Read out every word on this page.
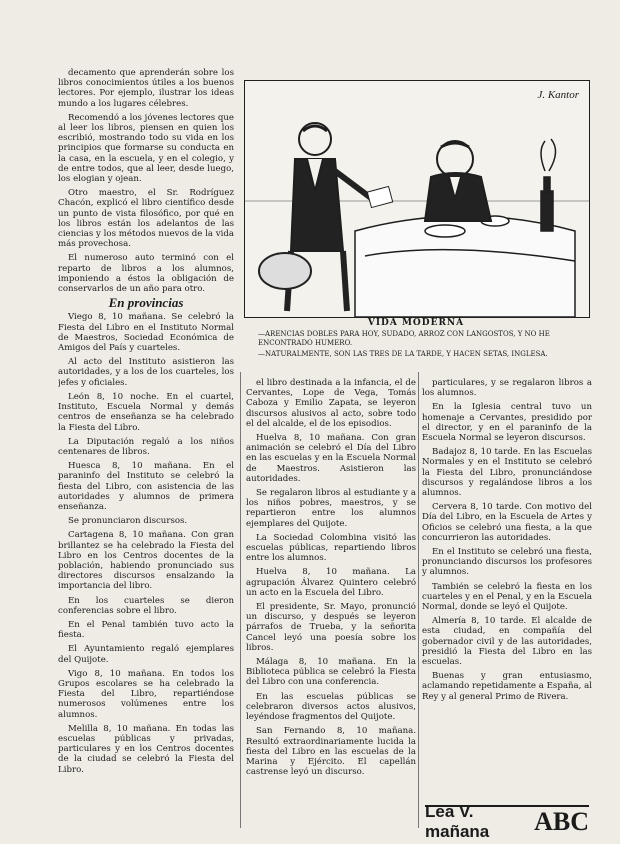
decamento que aprenderán sobre los libros conocimientos útiles a los buenos lectores. Por ejemplo, ilustrar los ideas mundo a los lugares célebres.

Recomendó a los jóvenes lectores que al leer los libros, piensen en quien los escribió, mostrando todo su vida en los principios que formarse su conducta en la casa, en la escuela, y en el colegio, y de entre todos, que al leer, desde luego, los elogian y ojean.

Otro maestro, el Sr. Rodríguez Chacón, explicó el libro científico desde un punto de vista filosófico, por qué en los libros están los adelantos de las ciencias y los métodos nuevos de la vida más provechosa.

El numeroso auto terminó con el reparto de libros a los alumnos, imponiendo a éstos la obligación de conservarlos de un año para otro.

En provincias

Viego 8, 10 mañana. Se celebró la Fiesta del Libro en el Instituto Normal de Maestros, Sociedad Económica de Amigos del País y cuarteles.

Al acto del Instituto asistieron las autoridades, y a los de los cuarteles, los jefes y oficiales.

León 8, 10 noche. En el cuartel, Instituto, Escuela Normal y demás centros de enseñanza se ha celebrado la Fiesta del Libro.

La Diputación regaló a los niños centenares de libros.

Huesca 8, 10 mañana. En el paraninfo del Instituto se celebró la fiesta del Libro, con asistencia de las autoridades y alumnos de primera enseñanza.

Se pronunciaron discursos.

Cartagena 8, 10 mañana. Con gran brillantez se ha celebrado la Fiesta del Libro en los Centros docentes de la población, habiendo pronunciado sus directores discursos ensalzando la importancia del libro.

En los cuarteles se dieron conferencias sobre el libro.

En el Penal también tuvo acto la fiesta.

El Ayuntamiento regaló ejemplares del Quijote.

Vigo 8, 10 mañana. En todos los Grupos escolares se ha celebrado la Fiesta del Libro, repartiéndose numerosos volúmenes entre los alumnos.

Melilla 8, 10 mañana. En todas las escuelas públicas y privadas, particulares y en los Centros docentes de la ciudad se celebró la Fiesta del Libro.

J. Kantor
VIDA MODERNA
—ARENCIAS DOBLES PARA HOY, SUDADO, ARROZ CON LANGOSTOS, Y NO HE ENCONTRADO HUMERO.
—NATURALMENTE, SON LAS TRES DE LA TARDE, Y HACEN SETAS, INGLESA.

el libro destinada a la infancia, el de Cervantes, Lope de Vega, Tomás Caboza y Emilio Zapata, se leyeron discursos alusivos al acto, sobre todo el del alcalde, el de los episodios.

Huelva 8, 10 mañana. Con gran animación se celebró el Día del Libro en las escuelas y en la Escuela Normal de Maestros. Asistieron las autoridades.

Se regalaron libros al estudiante y a los niños pobres, maestros, y se repartieron entre los alumnos ejemplares del Quijote.

La Sociedad Colombina visitó las escuelas públicas, repartiendo libros entre los alumnos.

Huelva 8, 10 mañana. La agrupación Álvarez Quintero celebró un acto en la Escuela del Libro.

El presidente, Sr. Mayo, pronunció un discurso, y después se leyeron párrafos de Trueba, y la señorita Cancel leyó una poesía sobre los libros.

Málaga 8, 10 mañana. En la Biblioteca pública se celebró la Fiesta del Libro con una conferencia.

En las escuelas públicas se celebraron diversos actos alusivos, leyéndose fragmentos del Quijote.

San Fernando 8, 10 mañana. Resultó extraordinariamente lucida la fiesta del Libro en las escuelas de la Marina y Ejército. El capellán castrense leyó un discurso.

particulares, y se regalaron libros a los alumnos.

En la Iglesia central tuvo un homenaje a Cervantes, presidido por el director, y en el paraninfo de la Escuela Normal se leyeron discursos.

Badajoz 8, 10 tarde. En las Escuelas Normales y en el Instituto se celebró la Fiesta del Libro, pronunciándose discursos y regalándose libros a los alumnos.

Cervera 8, 10 tarde. Con motivo del Día del Libro, en la Escuela de Artes y Oficios se celebró una fiesta, a la que concurrieron las autoridades.

En el Instituto se celebró una fiesta, pronunciando discursos los profesores y alumnos.

También se celebró la fiesta en los cuarteles y en el Penal, y en la Escuela Normal, donde se leyó el Quijote.

Almería 8, 10 tarde. El alcalde de esta ciudad, en compañía del gobernador civil y de las autoridades, presidió la Fiesta del Libro en las escuelas.

Buenas y gran entusiasmo, aclamando repetidamente a España, al Rey y al general Primo de Rivera.

Lea V. mañana	ABC
